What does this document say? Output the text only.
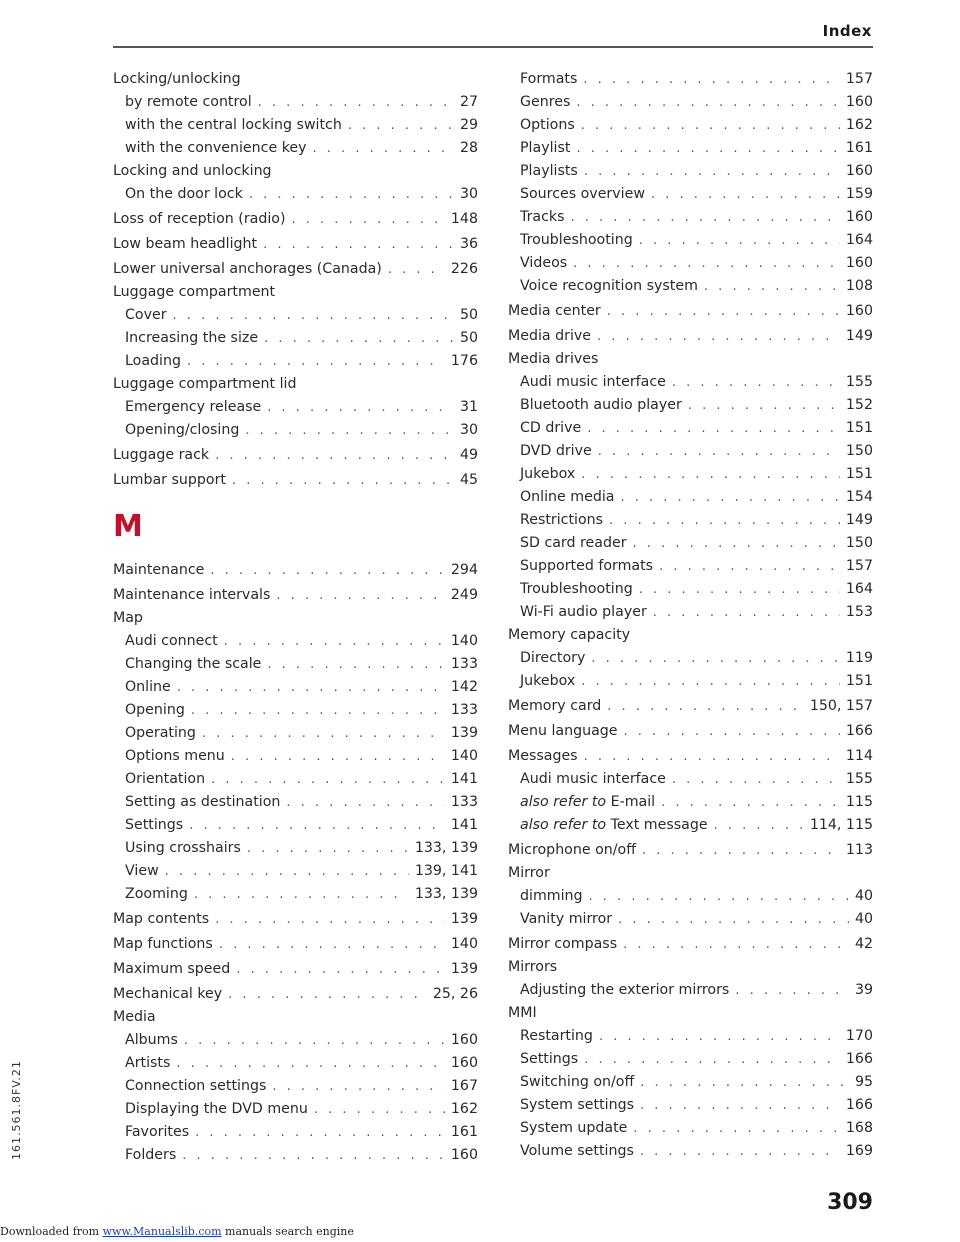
Index
Locking/unlocking
by remote control . . .	27
with the central locking switch . . .	29
with the convenience key . . .	28
Locking and unlocking
On the door lock . . .	30
Loss of reception (radio) . . .	148
Low beam headlight . . .	36
Lower universal anchorages (Canada) . . .	226
Luggage compartment
Cover . . .	50
Increasing the size . . .	50
Loading . . .	176
Luggage compartment lid
Emergency release . . .	31
Opening/closing . . .	30
Luggage rack . . .	49
Lumbar support . . .	45
M
Maintenance . . .	294
Maintenance intervals . . .	249
Map
Audi connect . . .	140
Changing the scale . . .	133
Online . . .	142
Opening . . .	133
Operating . . .	139
Options menu . . .	140
Orientation . . .	141
Setting as destination . . .	133
Settings . . .	141
Using crosshairs . . .	133, 139
View . . .	139, 141
Zooming . . .	133, 139
Map contents . . .	139
Map functions . . .	140
Maximum speed . . .	139
Mechanical key . . .	25, 26
Media
Albums . . .	160
Artists . . .	160
Connection settings . . .	167
Displaying the DVD menu . . .	162
Favorites . . .	161
Folders . . .	160
Formats . . .	157
Genres . . .	160
Options . . .	162
Playlist . . .	161
Playlists . . .	160
Sources overview . . .	159
Tracks . . .	160
Troubleshooting . . .	164
Videos . . .	160
Voice recognition system . . .	108
Media center . . .	160
Media drive . . .	149
Media drives
Audi music interface . . .	155
Bluetooth audio player . . .	152
CD drive . . .	151
DVD drive . . .	150
Jukebox . . .	151
Online media . . .	154
Restrictions . . .	149
SD card reader . . .	150
Supported formats . . .	157
Troubleshooting . . .	164
Wi-Fi audio player . . .	153
Memory capacity
Directory . . .	119
Jukebox . . .	151
Memory card . . .	150, 157
Menu language . . .	166
Messages . . .	114
Audi music interface . . .	155
also refer to E-mail . . .	115
also refer to Text message . . .	114, 115
Microphone on/off . . .	113
Mirror
dimming . . .	40
Vanity mirror . . .	40
Mirror compass . . .	42
Mirrors
Adjusting the exterior mirrors . . .	39
MMI
Restarting . . .	170
Settings . . .	166
Switching on/off . . .	95
System settings . . .	166
System update . . .	168
Volume settings . . .	169
161.561.8FV.21
309
Downloaded from www.Manualslib.com manuals search engine
